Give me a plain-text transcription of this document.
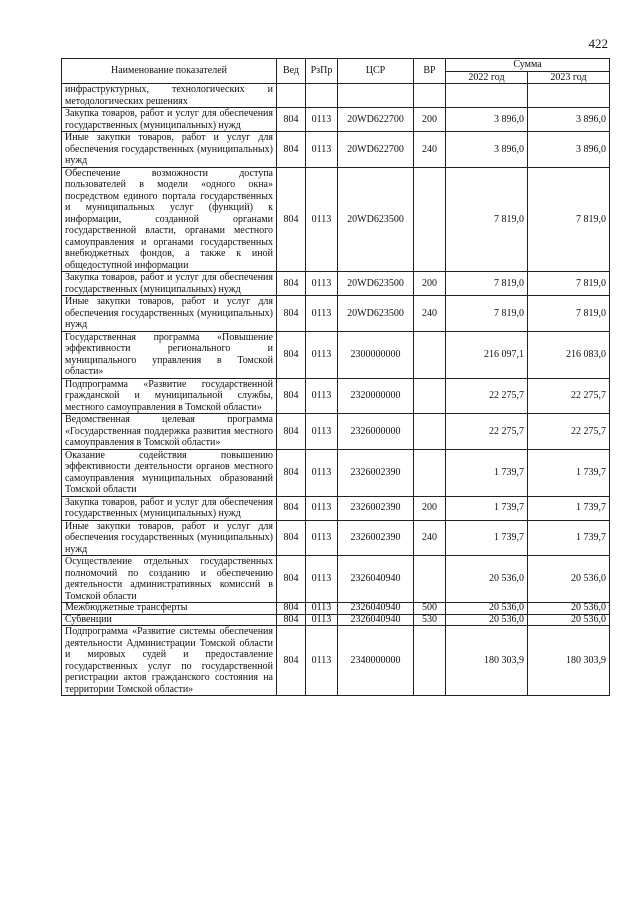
422
Наименование показателей	Вед	РзПр	ЦСР	ВР	Сумма	
					2022 год	2023 год
инфраструктурных, технологических и методологических решениях						
Закупка товаров, работ и услуг для обеспечения государственных (муниципальных) нужд	804	0113	20WD622700	200	3 896,0	3 896,0
Иные закупки товаров, работ и услуг для обеспечения государственных (муниципальных) нужд	804	0113	20WD622700	240	3 896,0	3 896,0
Обеспечение возможности доступа пользователей в модели «одного окна» посредством единого портала государственных и муниципальных услуг (функций) к информации, созданной органами государственной власти, органами местного самоуправления и органами государственных внебюджетных фондов, а также к иной общедоступной информации	804	0113	20WD623500		7 819,0	7 819,0
Закупка товаров, работ и услуг для обеспечения государственных (муниципальных) нужд	804	0113	20WD623500	200	7 819,0	7 819,0
Иные закупки товаров, работ и услуг для обеспечения государственных (муниципальных) нужд	804	0113	20WD623500	240	7 819,0	7 819,0
Государственная программа «Повышение эффективности регионального и муниципального управления в Томской области»	804	0113	2300000000		216 097,1	216 083,0
Подпрограмма «Развитие государственной гражданской и муниципальной службы, местного самоуправления в Томской области»	804	0113	2320000000		22 275,7	22 275,7
Ведомственная целевая программа «Государственная поддержка развития местного самоуправления в Томской области»	804	0113	2326000000		22 275,7	22 275,7
Оказание содействия повышению эффективности деятельности органов местного самоуправления муниципальных образований Томской области	804	0113	2326002390		1 739,7	1 739,7
Закупка товаров, работ и услуг для обеспечения государственных (муниципальных) нужд	804	0113	2326002390	200	1 739,7	1 739,7
Иные закупки товаров, работ и услуг для обеспечения государственных (муниципальных) нужд	804	0113	2326002390	240	1 739,7	1 739,7
Осуществление отдельных государственных полномочий по созданию и обеспечению деятельности административных комиссий в Томской области	804	0113	2326040940		20 536,0	20 536,0
Межбюджетные трансферты	804	0113	2326040940	500	20 536,0	20 536,0
Субвенции	804	0113	2326040940	530	20 536,0	20 536,0
Подпрограмма «Развитие системы обеспечения деятельности Администрации Томской области и мировых судей и предоставление государственных услуг по государственной регистрации актов гражданского состояния на территории Томской области»	804	0113	2340000000		180 303,9	180 303,9
